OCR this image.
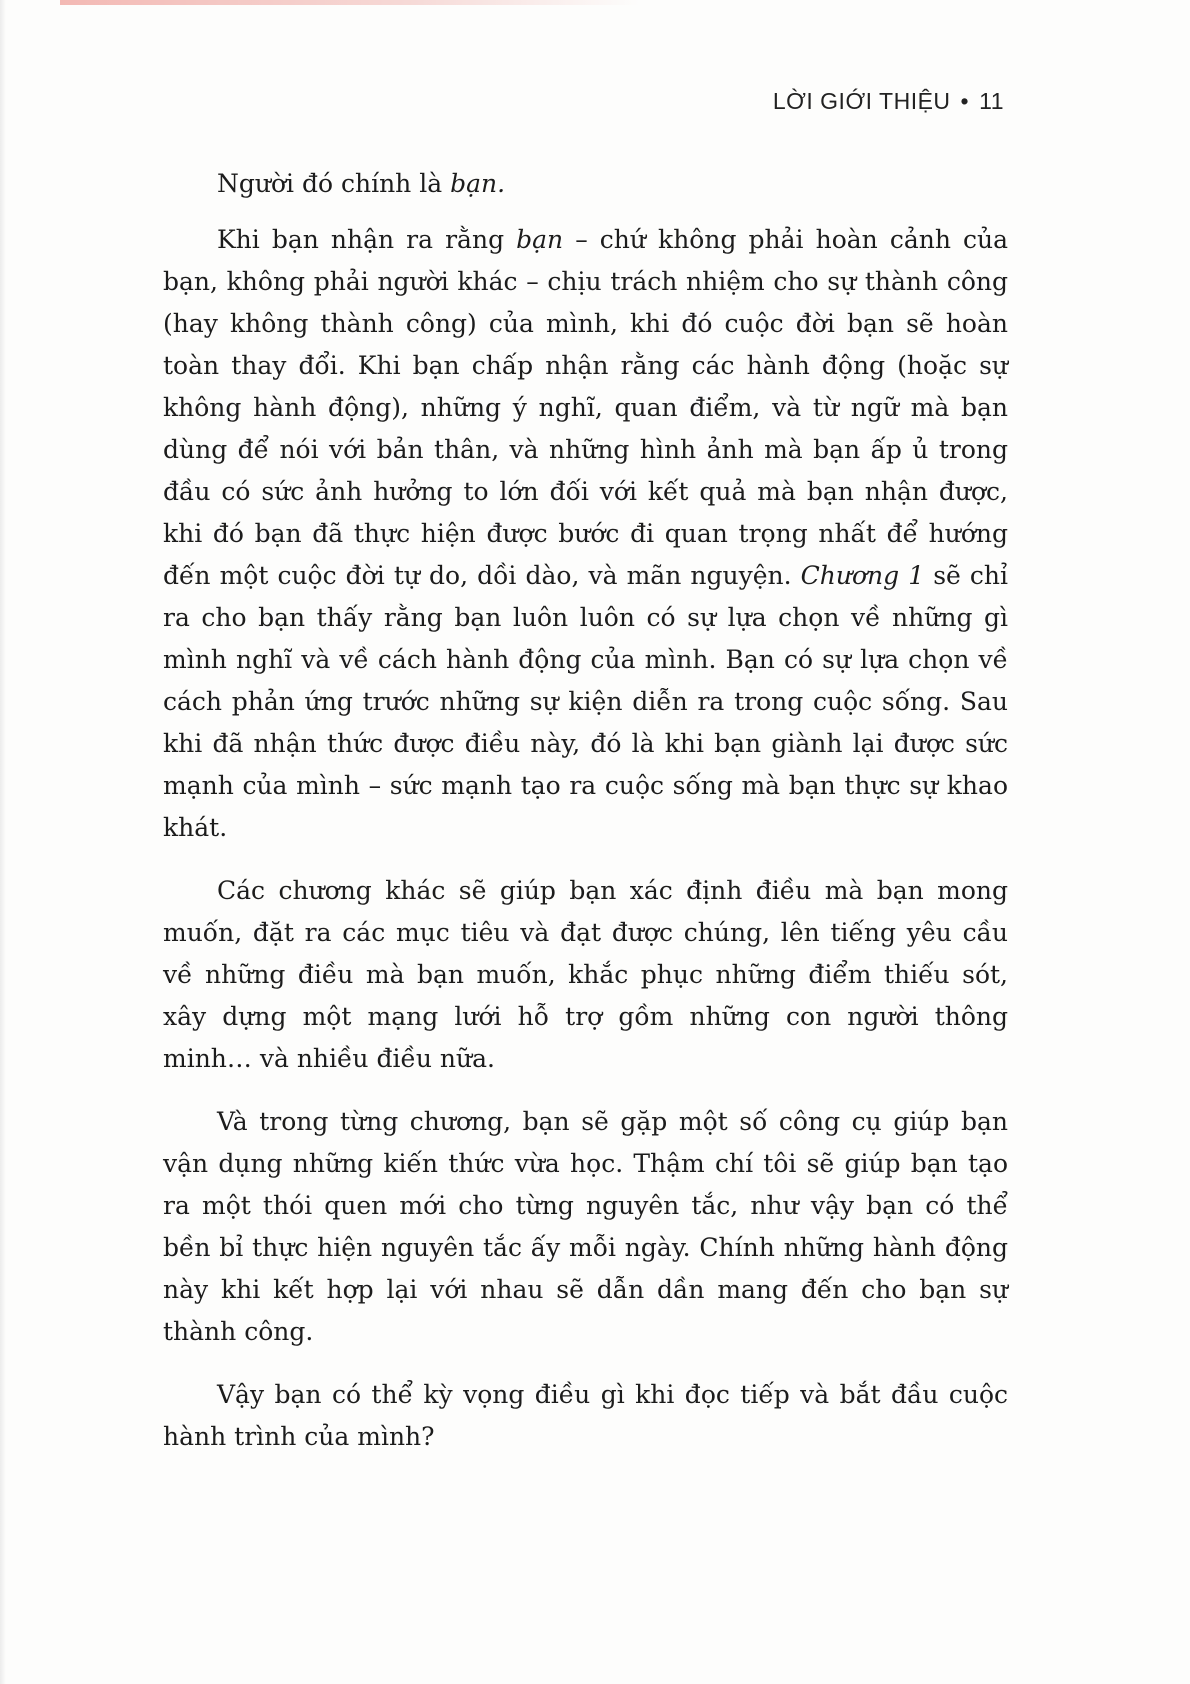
LỜI GIỚI THIỆU • 11

Người đó chính là bạn.

Khi bạn nhận ra rằng bạn – chứ không phải hoàn cảnh của bạn, không phải người khác – chịu trách nhiệm cho sự thành công (hay không thành công) của mình, khi đó cuộc đời bạn sẽ hoàn toàn thay đổi. Khi bạn chấp nhận rằng các hành động (hoặc sự không hành động), những ý nghĩ, quan điểm, và từ ngữ mà bạn dùng để nói với bản thân, và những hình ảnh mà bạn ấp ủ trong đầu có sức ảnh hưởng to lớn đối với kết quả mà bạn nhận được, khi đó bạn đã thực hiện được bước đi quan trọng nhất để hướng đến một cuộc đời tự do, dồi dào, và mãn nguyện. Chương 1 sẽ chỉ ra cho bạn thấy rằng bạn luôn luôn có sự lựa chọn về những gì mình nghĩ và về cách hành động của mình. Bạn có sự lựa chọn về cách phản ứng trước những sự kiện diễn ra trong cuộc sống. Sau khi đã nhận thức được điều này, đó là khi bạn giành lại được sức mạnh của mình – sức mạnh tạo ra cuộc sống mà bạn thực sự khao khát.

Các chương khác sẽ giúp bạn xác định điều mà bạn mong muốn, đặt ra các mục tiêu và đạt được chúng, lên tiếng yêu cầu về những điều mà bạn muốn, khắc phục những điểm thiếu sót, xây dựng một mạng lưới hỗ trợ gồm những con người thông minh… và nhiều điều nữa.

Và trong từng chương, bạn sẽ gặp một số công cụ giúp bạn vận dụng những kiến thức vừa học. Thậm chí tôi sẽ giúp bạn tạo ra một thói quen mới cho từng nguyên tắc, như vậy bạn có thể bền bỉ thực hiện nguyên tắc ấy mỗi ngày. Chính những hành động này khi kết hợp lại với nhau sẽ dẫn dần mang đến cho bạn sự thành công.

Vậy bạn có thể kỳ vọng điều gì khi đọc tiếp và bắt đầu cuộc hành trình của mình?
